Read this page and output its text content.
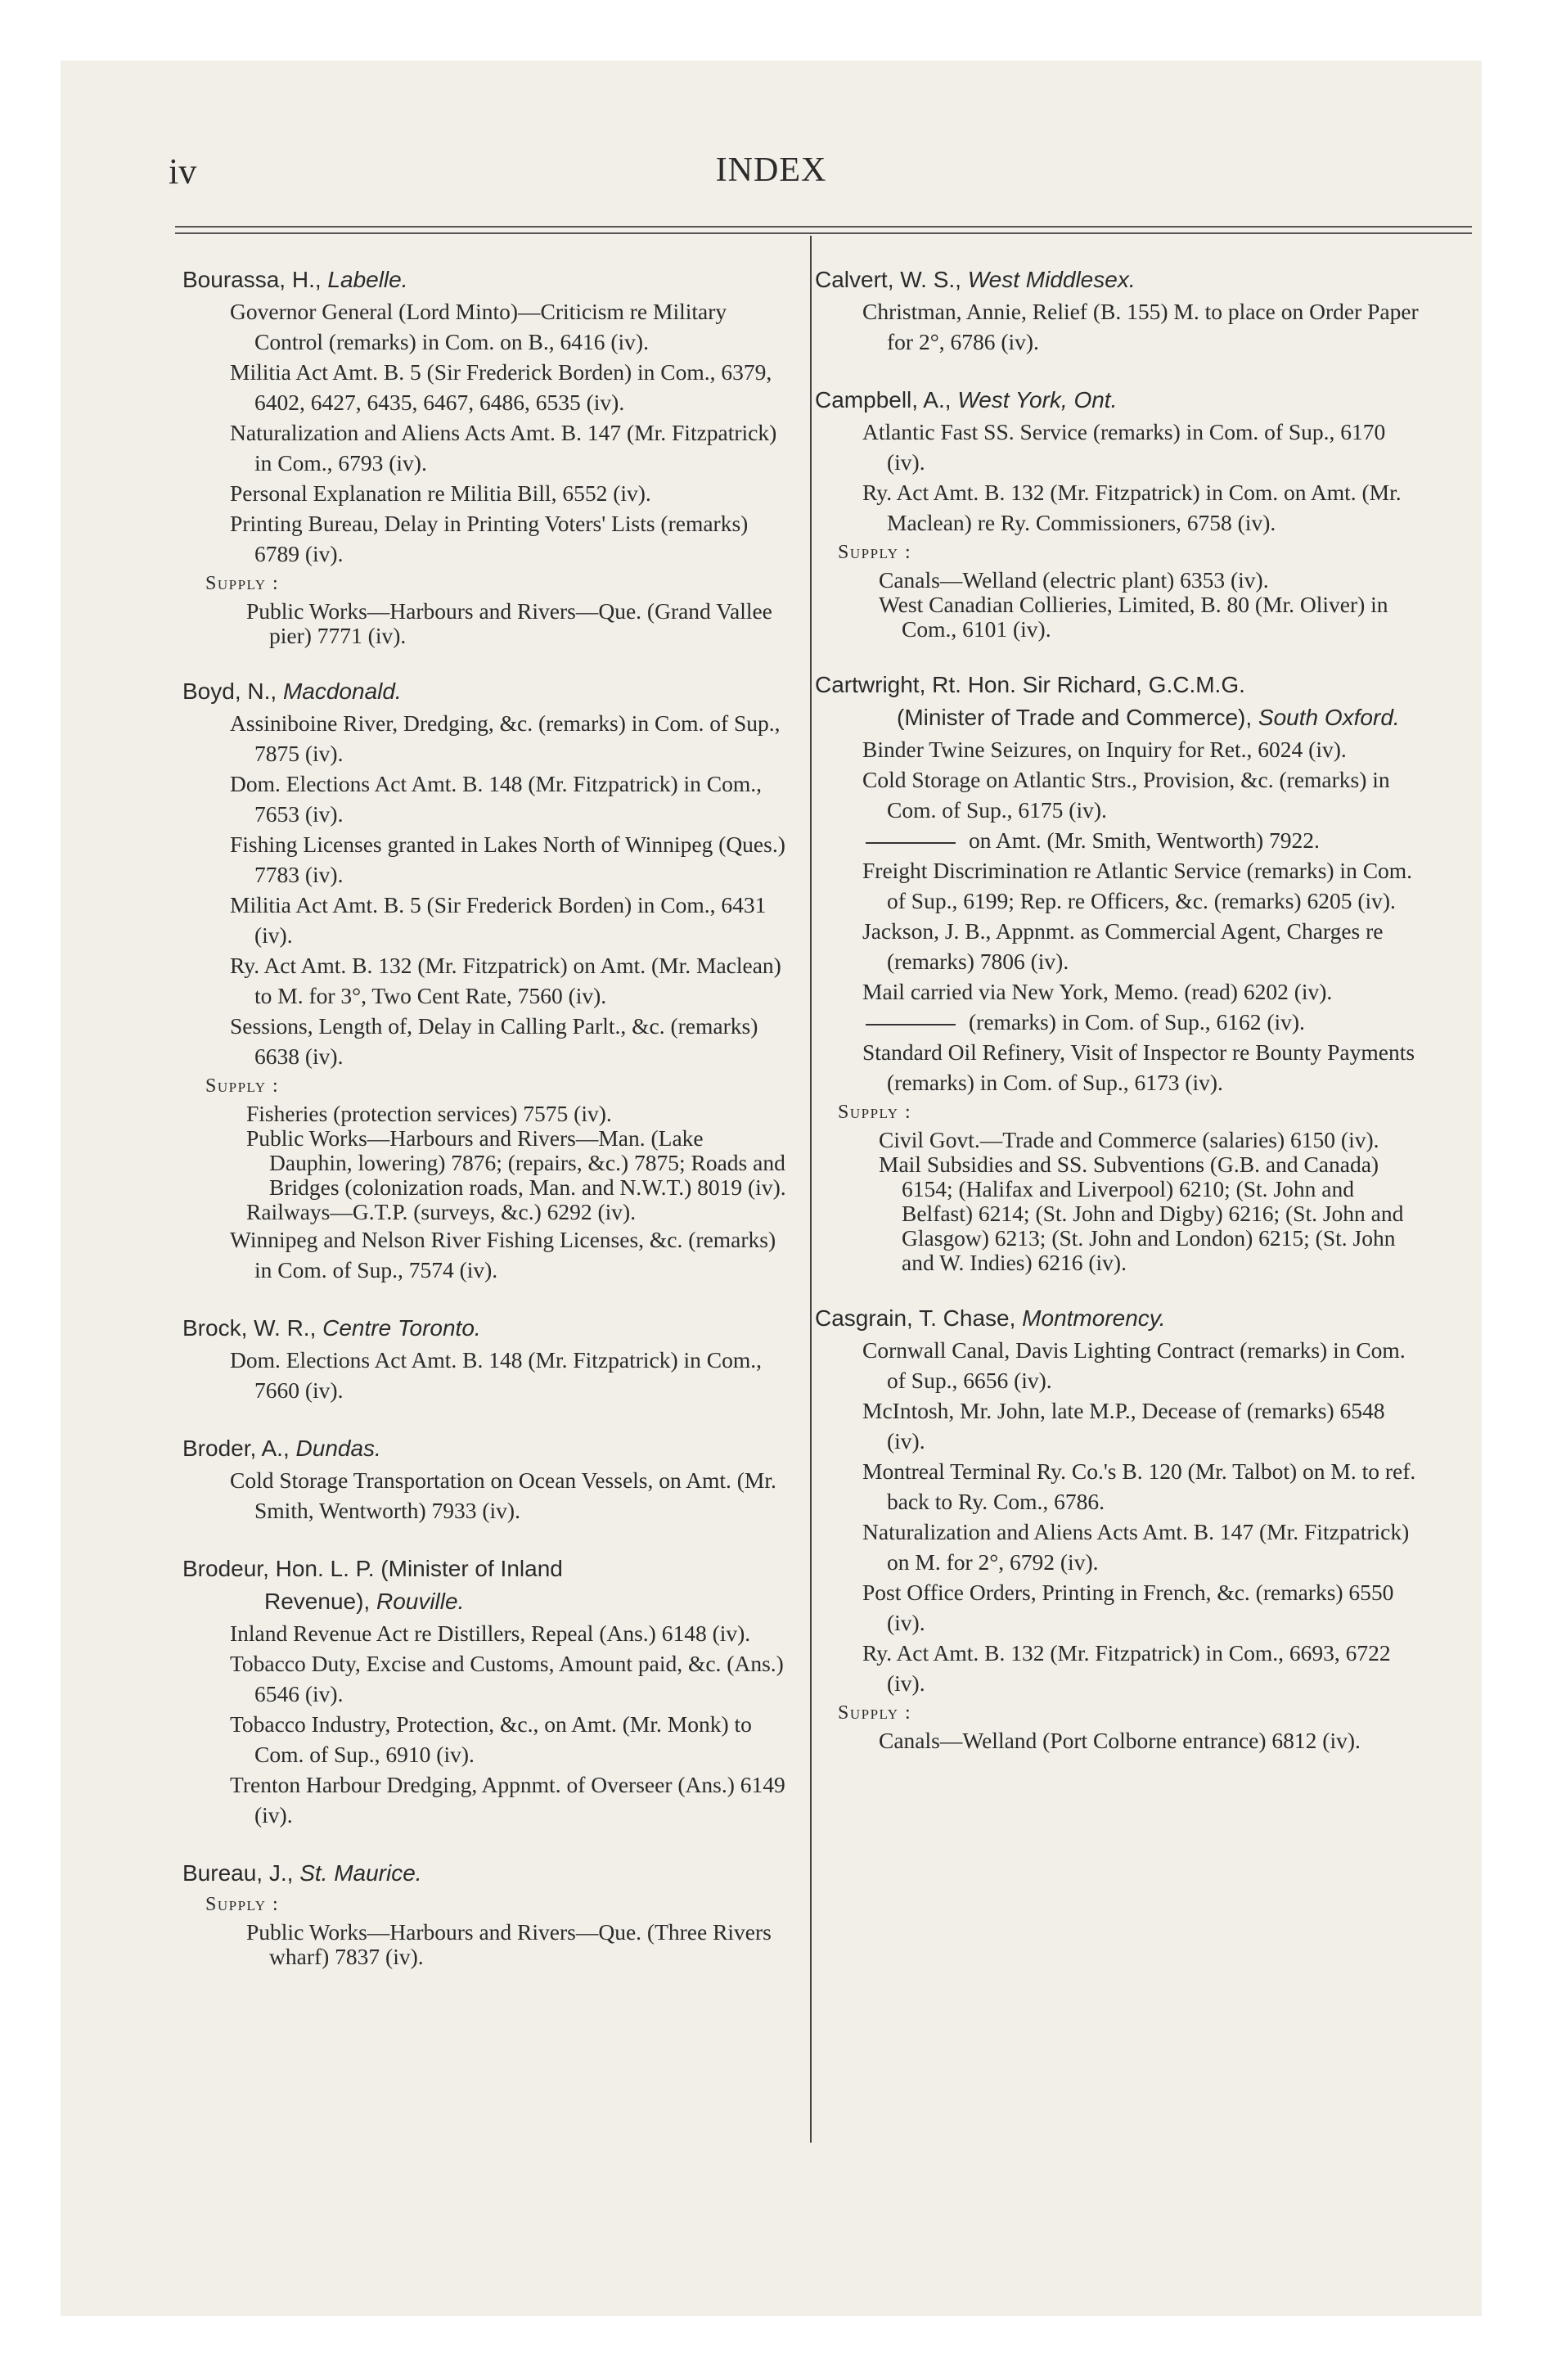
iv	INDEX
Bourassa, H., Labelle.
Governor General (Lord Minto)—Criticism re Military Control (remarks) in Com. on B., 6416 (iv).
Militia Act Amt. B. 5 (Sir Frederick Borden) in Com., 6379, 6402, 6427, 6435, 6467, 6486, 6535 (iv).
Naturalization and Aliens Acts Amt. B. 147 (Mr. Fitzpatrick) in Com., 6793 (iv).
Personal Explanation re Militia Bill, 6552 (iv).
Printing Bureau, Delay in Printing Voters' Lists (remarks) 6789 (iv).
Supply :
Public Works—Harbours and Rivers—Que. (Grand Vallee pier) 7771 (iv).
Boyd, N., Macdonald.
Assiniboine River, Dredging, &c. (remarks) in Com. of Sup., 7875 (iv).
Dom. Elections Act Amt. B. 148 (Mr. Fitzpatrick) in Com., 7653 (iv).
Fishing Licenses granted in Lakes North of Winnipeg (Ques.) 7783 (iv).
Militia Act Amt. B. 5 (Sir Frederick Borden) in Com., 6431 (iv).
Ry. Act Amt. B. 132 (Mr. Fitzpatrick) on Amt. (Mr. Maclean) to M. for 3°, Two Cent Rate, 7560 (iv).
Sessions, Length of, Delay in Calling Parlt., &c. (remarks) 6638 (iv).
Supply :
Fisheries (protection services) 7575 (iv).
Public Works—Harbours and Rivers—Man. (Lake Dauphin, lowering) 7876; (repairs, &c.) 7875; Roads and Bridges (colonization roads, Man. and N.W.T.) 8019 (iv).
Railways—G.T.P. (surveys, &c.) 6292 (iv).
Winnipeg and Nelson River Fishing Licenses, &c. (remarks) in Com. of Sup., 7574 (iv).
Brock, W. R., Centre Toronto.
Dom. Elections Act Amt. B. 148 (Mr. Fitzpatrick) in Com., 7660 (iv).
Broder, A., Dundas.
Cold Storage Transportation on Ocean Vessels, on Amt. (Mr. Smith, Wentworth) 7933 (iv).
Brodeur, Hon. L. P. (Minister of Inland
Revenue), Rouville.
Inland Revenue Act re Distillers, Repeal (Ans.) 6148 (iv).
Tobacco Duty, Excise and Customs, Amount paid, &c. (Ans.) 6546 (iv).
Tobacco Industry, Protection, &c., on Amt. (Mr. Monk) to Com. of Sup., 6910 (iv).
Trenton Harbour Dredging, Appnmt. of Overseer (Ans.) 6149 (iv).
Bureau, J., St. Maurice.
Supply :
Public Works—Harbours and Rivers—Que. (Three Rivers wharf) 7837 (iv).
Calvert, W. S., West Middlesex.
Christman, Annie, Relief (B. 155) M. to place on Order Paper for 2°, 6786 (iv).
Campbell, A., West York, Ont.
Atlantic Fast SS. Service (remarks) in Com. of Sup., 6170 (iv).
Ry. Act Amt. B. 132 (Mr. Fitzpatrick) in Com. on Amt. (Mr. Maclean) re Ry. Commissioners, 6758 (iv).
Supply :
Canals—Welland (electric plant) 6353 (iv).
West Canadian Collieries, Limited, B. 80 (Mr. Oliver) in Com., 6101 (iv).
Cartwright, Rt. Hon. Sir Richard, G.C.M.G.
(Minister of Trade and Commerce), South Oxford.
Binder Twine Seizures, on Inquiry for Ret., 6024 (iv).
Cold Storage on Atlantic Strs., Provision, &c. (remarks) in Com. of Sup., 6175 (iv).
on Amt. (Mr. Smith, Wentworth) 7922.
Freight Discrimination re Atlantic Service (remarks) in Com. of Sup., 6199; Rep. re Officers, &c. (remarks) 6205 (iv).
Jackson, J. B., Appnmt. as Commercial Agent, Charges re (remarks) 7806 (iv).
Mail carried via New York, Memo. (read) 6202 (iv).
(remarks) in Com. of Sup., 6162 (iv).
Standard Oil Refinery, Visit of Inspector re Bounty Payments (remarks) in Com. of Sup., 6173 (iv).
Supply :
Civil Govt.—Trade and Commerce (salaries) 6150 (iv).
Mail Subsidies and SS. Subventions (G.B. and Canada) 6154; (Halifax and Liverpool) 6210; (St. John and Belfast) 6214; (St. John and Digby) 6216; (St. John and Glasgow) 6213; (St. John and London) 6215; (St. John and W. Indies) 6216 (iv).
Casgrain, T. Chase, Montmorency.
Cornwall Canal, Davis Lighting Contract (remarks) in Com. of Sup., 6656 (iv).
McIntosh, Mr. John, late M.P., Decease of (remarks) 6548 (iv).
Montreal Terminal Ry. Co.'s B. 120 (Mr. Talbot) on M. to ref. back to Ry. Com., 6786.
Naturalization and Aliens Acts Amt. B. 147 (Mr. Fitzpatrick) on M. for 2°, 6792 (iv).
Post Office Orders, Printing in French, &c. (remarks) 6550 (iv).
Ry. Act Amt. B. 132 (Mr. Fitzpatrick) in Com., 6693, 6722 (iv).
Supply :
Canals—Welland (Port Colborne entrance) 6812 (iv).
